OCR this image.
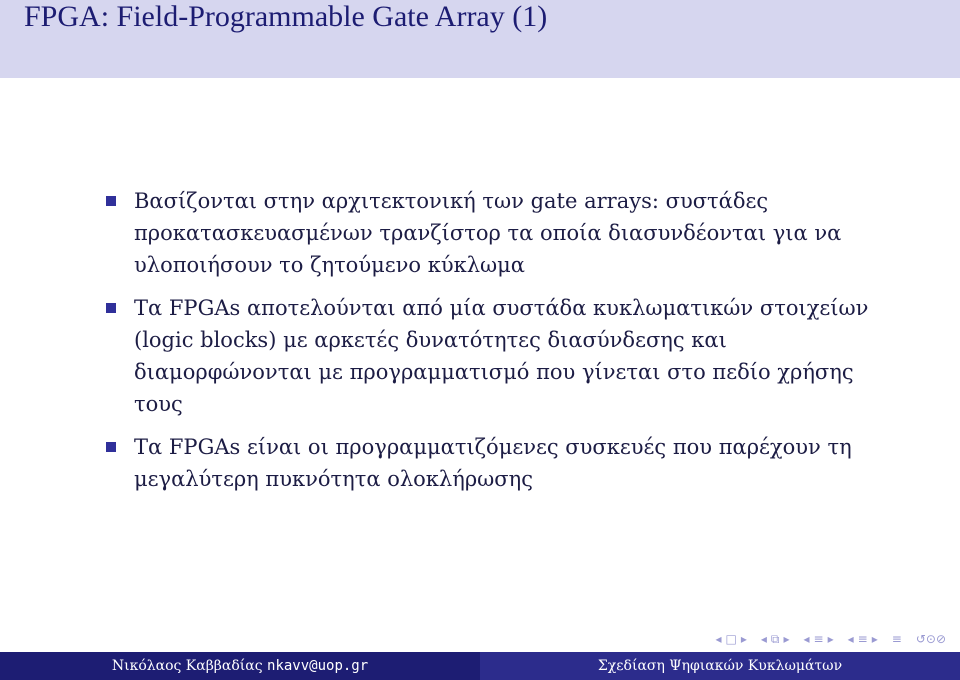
FPGA: Field-Programmable Gate Array (1)
Βασίζονται στην αρχιτεκτονική των gate arrays: συστάδες προκατασκευασμένων τρανζίστορ τα οποία διασυνδέονται για να υλοποιήσουν το ζητούμενο κύκλωμα
Τα FPGAs αποτελούνται από μία συστάδα κυκλωματικών στοιχείων (logic blocks) με αρκετές δυνατότητες διασύνδεσης και διαμορφώνονται με προγραμματισμό που γίνεται στο πεδίο χρήσης τους
Τα FPGAs είναι οι προγραμματιζόμενες συσκευές που παρέχουν τη μεγαλύτερη πυκνότητα ολοκλήρωσης
◂ □ ▸ ◂ ⧉ ▸ ◂ ≡ ▸ ◂ ≡ ▸ ≡ ↺⊙⊘
Νικόλαος Καββαδίας nkavv@uop.gr	Σχεδίαση Ψηφιακών Κυκλωμάτων
